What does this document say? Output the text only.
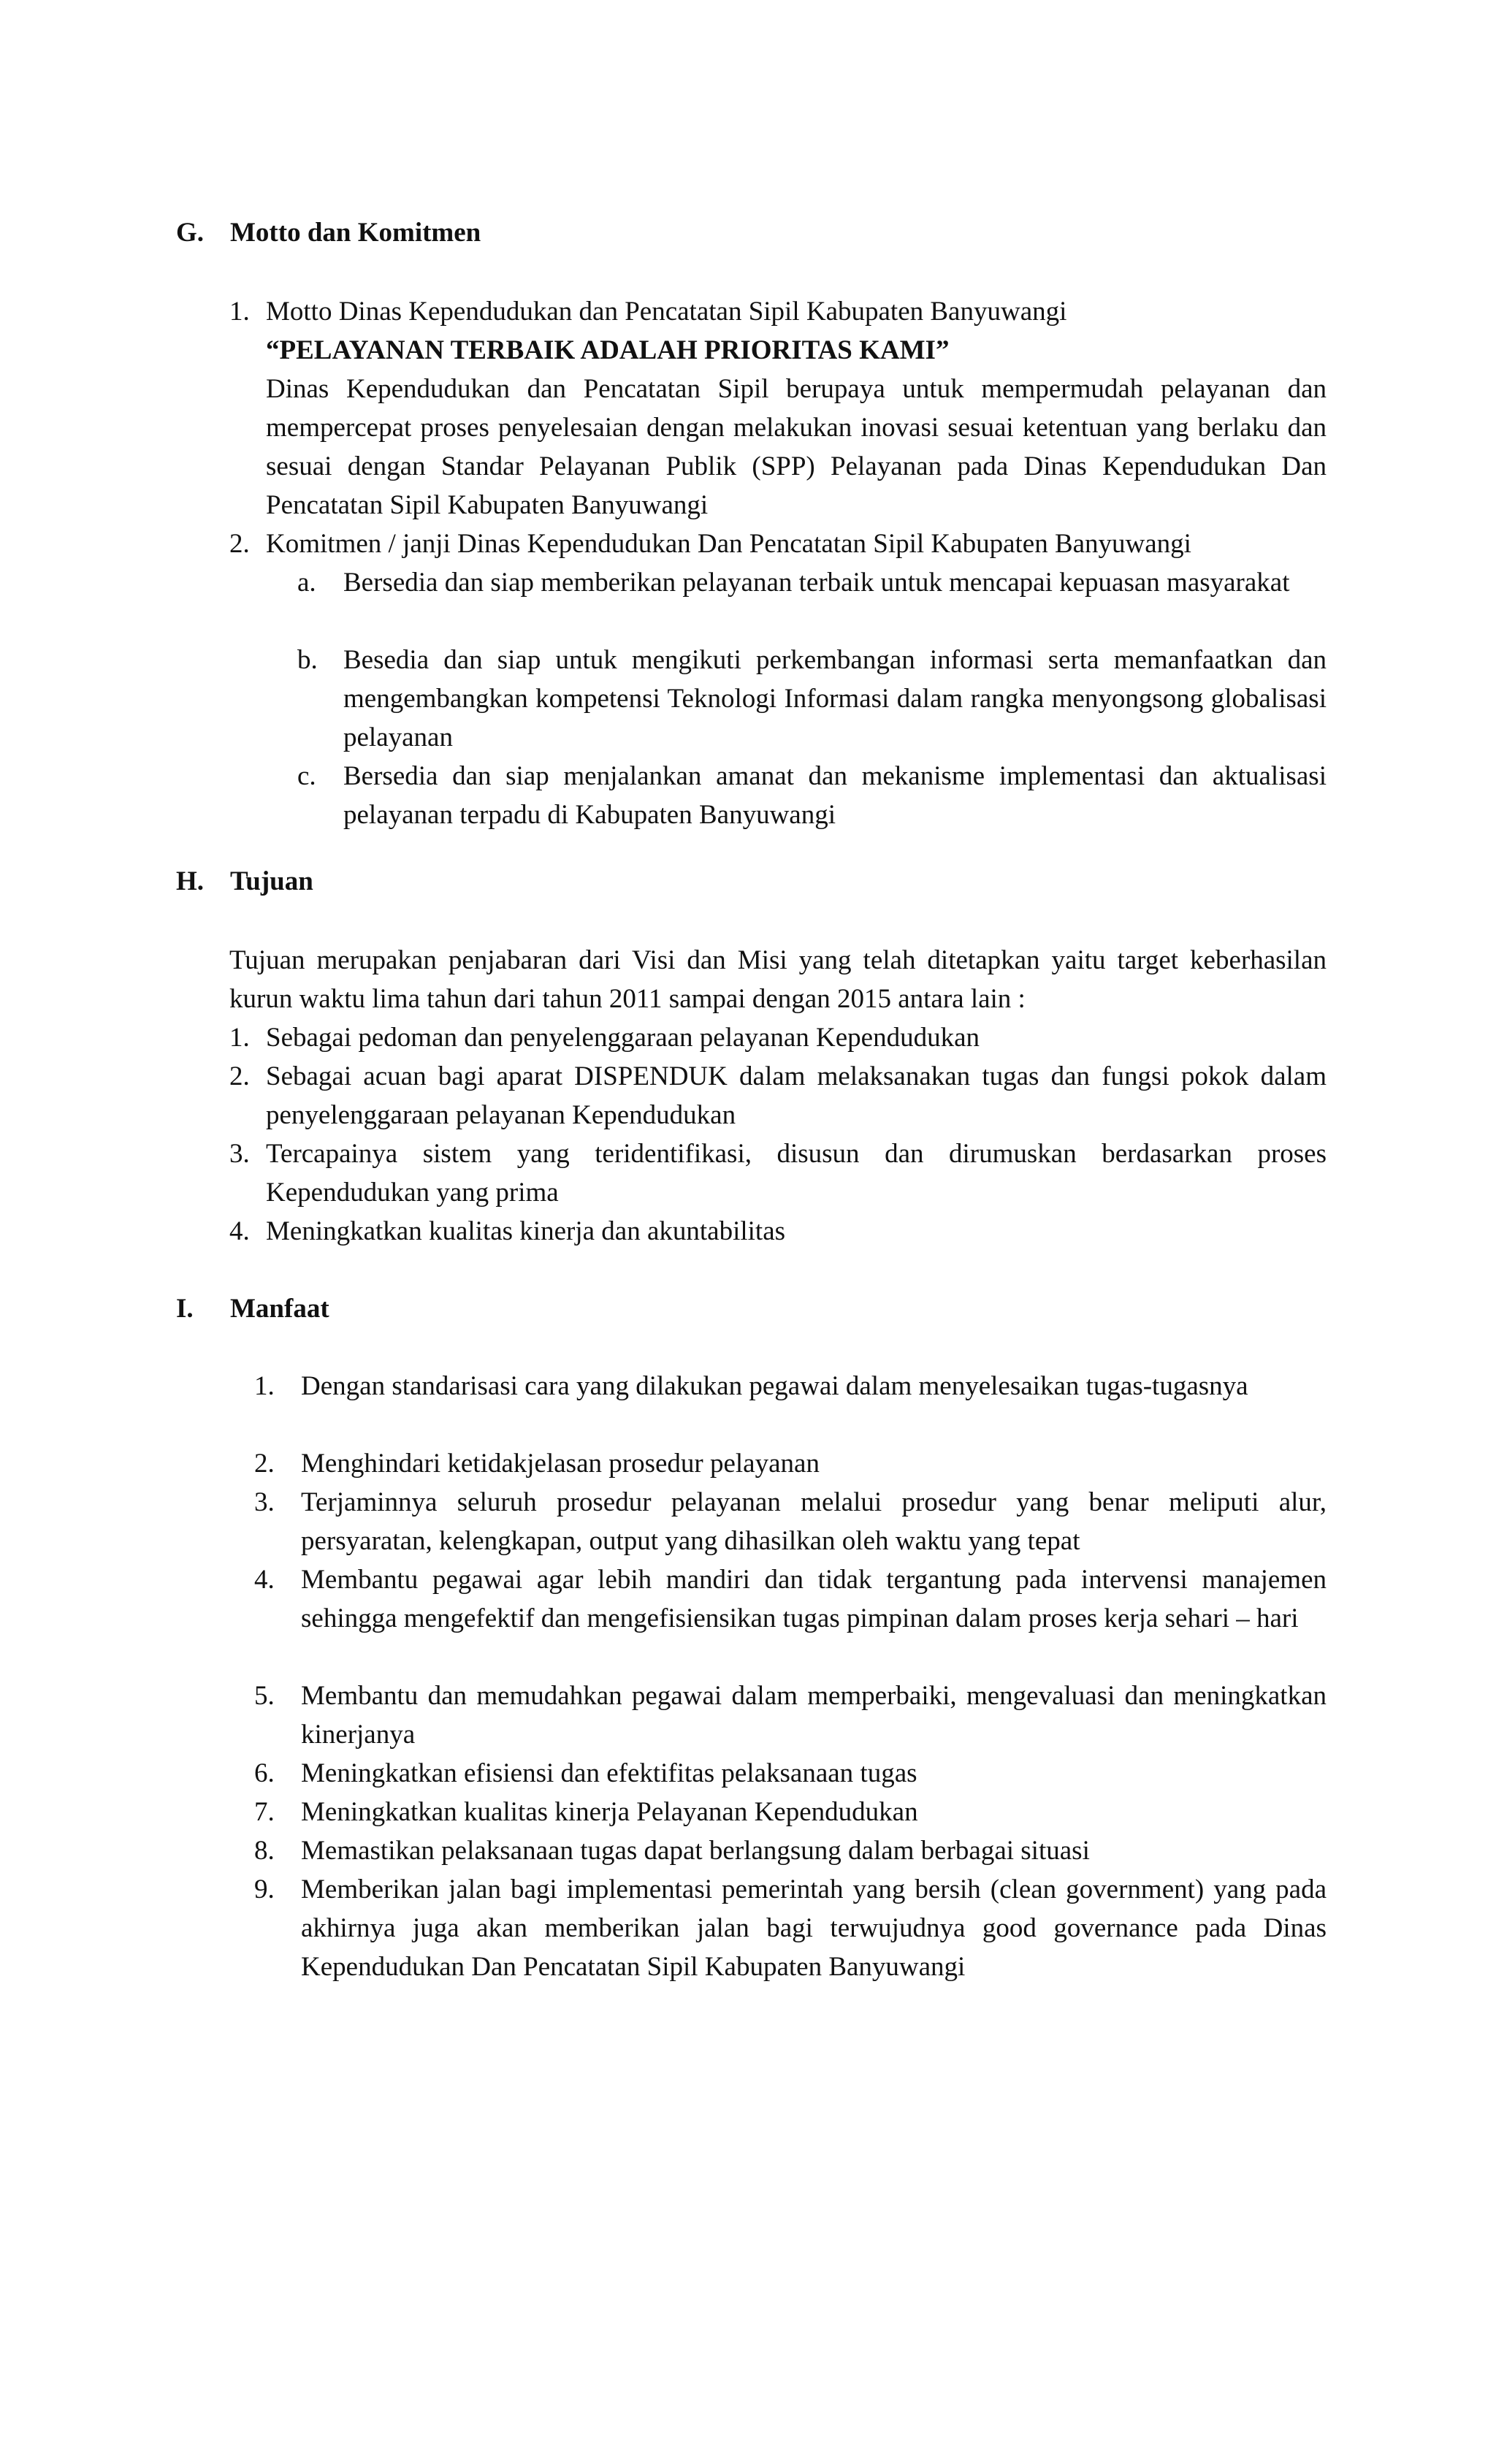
G. Motto dan Komitmen
1. Motto Dinas Kependudukan dan Pencatatan Sipil Kabupaten Banyuwangi
“PELAYANAN TERBAIK ADALAH PRIORITAS KAMI”
Dinas Kependudukan dan Pencatatan Sipil berupaya untuk mempermudah pelayanan dan mempercepat proses penyelesaian dengan melakukan inovasi sesuai ketentuan yang berlaku dan sesuai dengan Standar Pelayanan Publik (SPP) Pelayanan pada Dinas Kependudukan Dan Pencatatan Sipil Kabupaten Banyuwangi
2. Komitmen / janji Dinas Kependudukan Dan Pencatatan Sipil Kabupaten Banyuwangi
a.	Bersedia dan siap memberikan pelayanan terbaik untuk mencapai kepuasan masyarakat
b. Besedia dan siap untuk mengikuti perkembangan informasi serta memanfaatkan dan mengembangkan kompetensi Teknologi Informasi dalam rangka menyongsong globalisasi pelayanan
c.	Bersedia dan siap menjalankan amanat dan mekanisme implementasi dan aktualisasi pelayanan terpadu di Kabupaten Banyuwangi
H. Tujuan
Tujuan merupakan penjabaran dari Visi dan Misi yang telah ditetapkan yaitu target keberhasilan kurun waktu lima tahun dari tahun 2011 sampai dengan 2015 antara lain :
1. Sebagai pedoman dan penyelenggaraan pelayanan Kependudukan
2. Sebagai acuan bagi aparat DISPENDUK dalam melaksanakan tugas dan fungsi pokok dalam penyelenggaraan pelayanan Kependudukan
3. Tercapainya sistem yang teridentifikasi, disusun dan dirumuskan berdasarkan proses Kependudukan yang prima
4. Meningkatkan kualitas kinerja dan akuntabilitas
I.	Manfaat
1. Dengan standarisasi cara yang dilakukan pegawai dalam menyelesaikan tugas-tugasnya
2. Menghindari ketidakjelasan prosedur pelayanan
3. Terjaminnya seluruh prosedur pelayanan melalui prosedur yang benar meliputi alur, persyaratan, kelengkapan, output yang dihasilkan oleh waktu yang tepat
4. Membantu pegawai agar lebih mandiri dan tidak tergantung pada intervensi manajemen sehingga mengefektif dan mengefisiensikan tugas pimpinan dalam proses kerja sehari – hari
5. Membantu dan memudahkan pegawai dalam memperbaiki, mengevaluasi dan meningkatkan kinerjanya
6. Meningkatkan efisiensi dan efektifitas pelaksanaan tugas
7. Meningkatkan kualitas kinerja Pelayanan Kependudukan
8. Memastikan pelaksanaan tugas dapat berlangsung dalam berbagai situasi
9. Memberikan jalan bagi implementasi pemerintah yang bersih (clean government) yang pada akhirnya juga akan memberikan jalan bagi terwujudnya good governance pada Dinas Kependudukan Dan Pencatatan Sipil Kabupaten Banyuwangi
